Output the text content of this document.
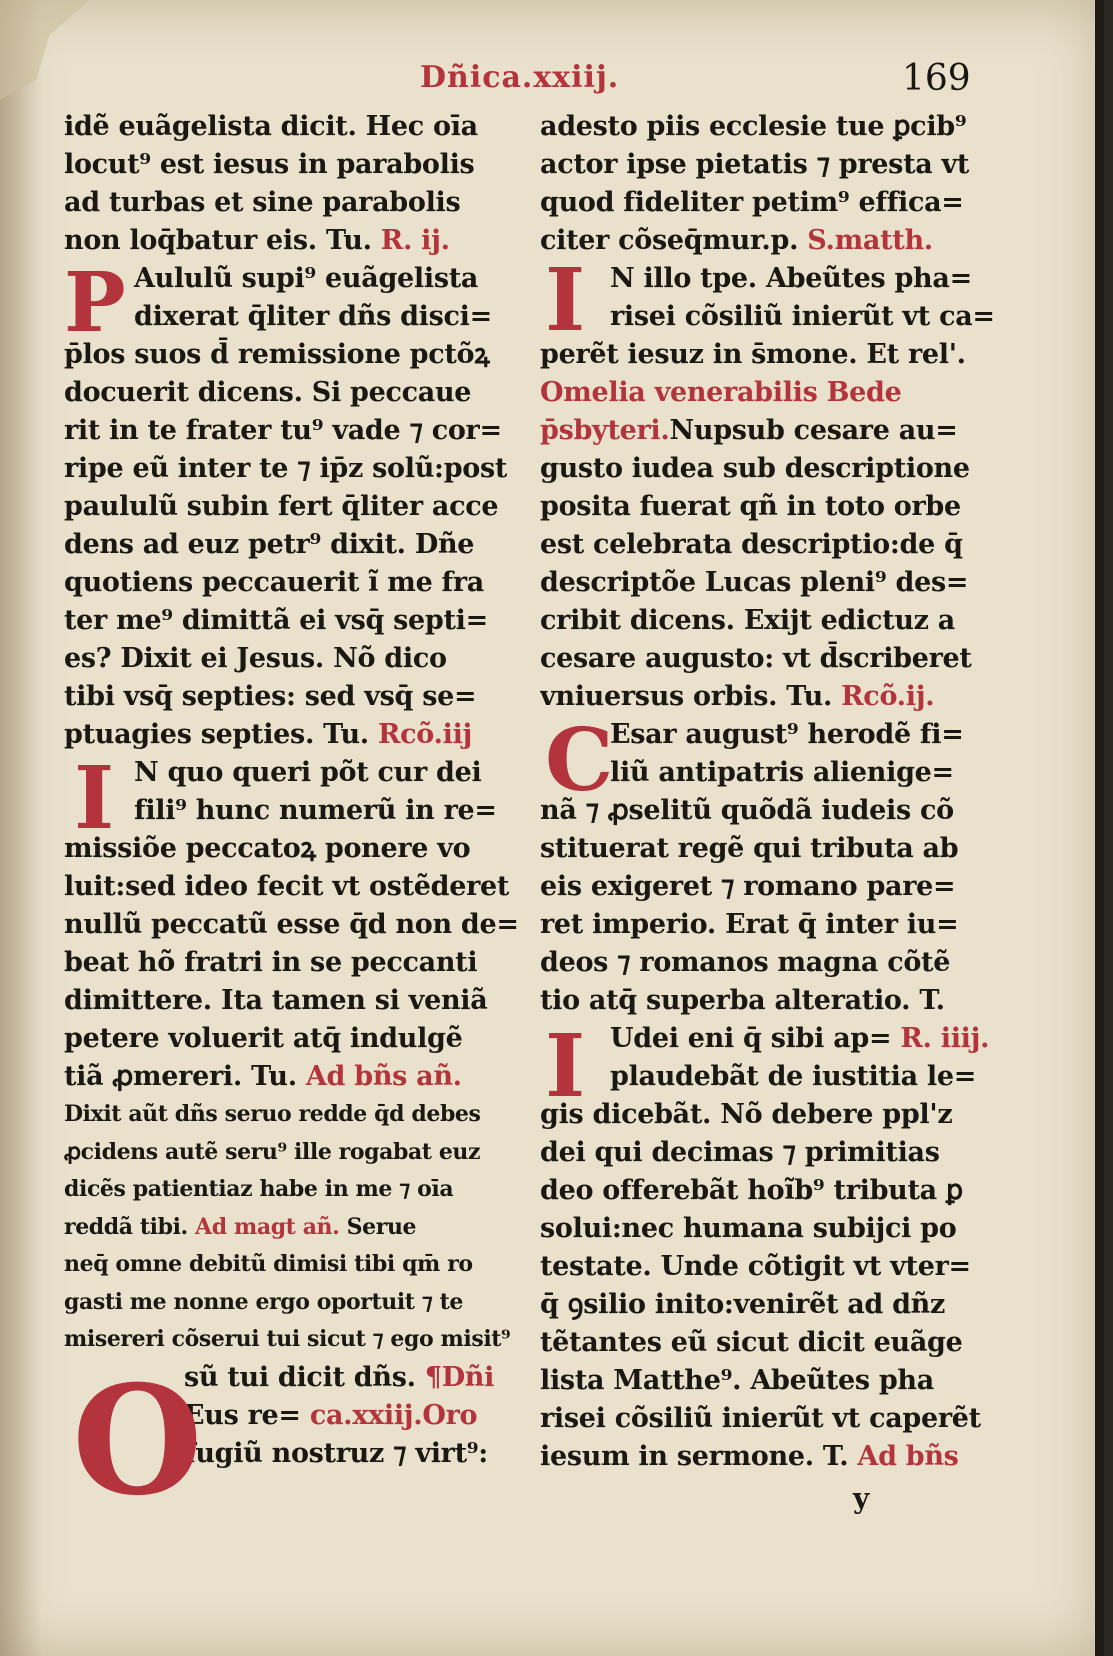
Dñica.xxiij.	169
idẽ euãgelista dicit. Hec oīa
locut⁹ est iesus in parabolis
ad turbas et sine parabolis
non loq̄batur eis. Tu. R. ij.
Aululũ supi⁹ euãgelista
dixerat q̄liter dñs disci=
p̄los suos d̄ remissione pctõꝝ
docuerit dicens. Si peccaue
rit in te frater tu⁹ vade ⁊ cor=
ripe eũ inter te ⁊ ip̄z solũ:post
paululũ subin fert q̄liter acce
dens ad euz petr⁹ dixit. Dñe
quotiens peccauerit ĩ me fra
ter me⁹ dimittã ei vsq̄ septi=
es? Dixit ei Jesus. Nõ dico
tibi vsq̄ septies: sed vsq̄ se=
ptuagies septies. Tu. Rcõ.iij
N quo queri põt cur dei
fili⁹ hunc numerũ in re=
missiõe peccatoꝝ ponere vo
luit:sed ideo fecit vt ostẽderet
nullũ peccatũ esse q̄d non de=
beat hõ fratri in se peccanti
dimittere. Ita tamen si veniã
petere voluerit atq̄ indulgẽ
tiã ꝓmereri. Tu. Ad bñs añ.
Dixit aũt dñs seruo redde q̄d debes
ꝓcidens autẽ seru⁹ ille rogabat euz
dicẽs patientiaz habe in me ⁊ oīa
reddã tibi. Ad magt añ. Serue
neq̄ omne debitũ dimisi tibi qm̄ ro
gasti me nonne ergo oportuit ⁊ te
misereri cõserui tui sicut ⁊ ego misit⁹
sũ tui dicit dñs. ¶Dñi
Eus re= ca.xxiij.Oro
fugiũ nostruz ⁊ virt⁹:
adesto piis ecclesie tue ꝑcib⁹
actor ipse pietatis ⁊ presta vt
quod fideliter petim⁹ effica=
citer cõseq̄mur.p. S.matth.
N illo tpe. Abeũtes pha=
risei cõsiliũ inierũt vt ca=
perẽt iesuz in s̄mone. Et rel'.
Omelia venerabilis Bede
p̄sbyteri.Nupsub cesare au=
gusto iudea sub descriptione
posita fuerat qñ in toto orbe
est celebrata descriptio:de q̄
descriptõe Lucas pleni⁹ des=
cribit dicens. Exijt edictuz a
cesare augusto: vt d̄scriberet
vniuersus orbis. Tu. Rcõ.ij.
Esar august⁹ herodẽ fi=
liũ antipatris alienige=
nã ⁊ ꝓselitũ quõdã iudeis cõ
stituerat regẽ qui tributa ab
eis exigeret ⁊ romano pare=
ret imperio. Erat q̄ inter iu=
deos ⁊ romanos magna cõtẽ
tio atq̄ superba alteratio. T.
Udei eni q̄ sibi ap= R. iiij.
plaudebãt de iustitia le=
gis dicebãt. Nõ debere ppl'z
dei qui decimas ⁊ primitias
deo offerebãt hoĩb⁹ tributa ꝑ
solui:nec humana subijci po
testate. Unde cõtigit vt vter=
q̄ ꝯsilio inito:venirẽt ad dñz
tẽtantes eũ sicut dicit euãge
lista Matthe⁹. Abeũtes pha
risei cõsiliũ inierũt vt caperẽt
iesum in sermone. T. Ad bñs
P
I
O
I
C
I
y
